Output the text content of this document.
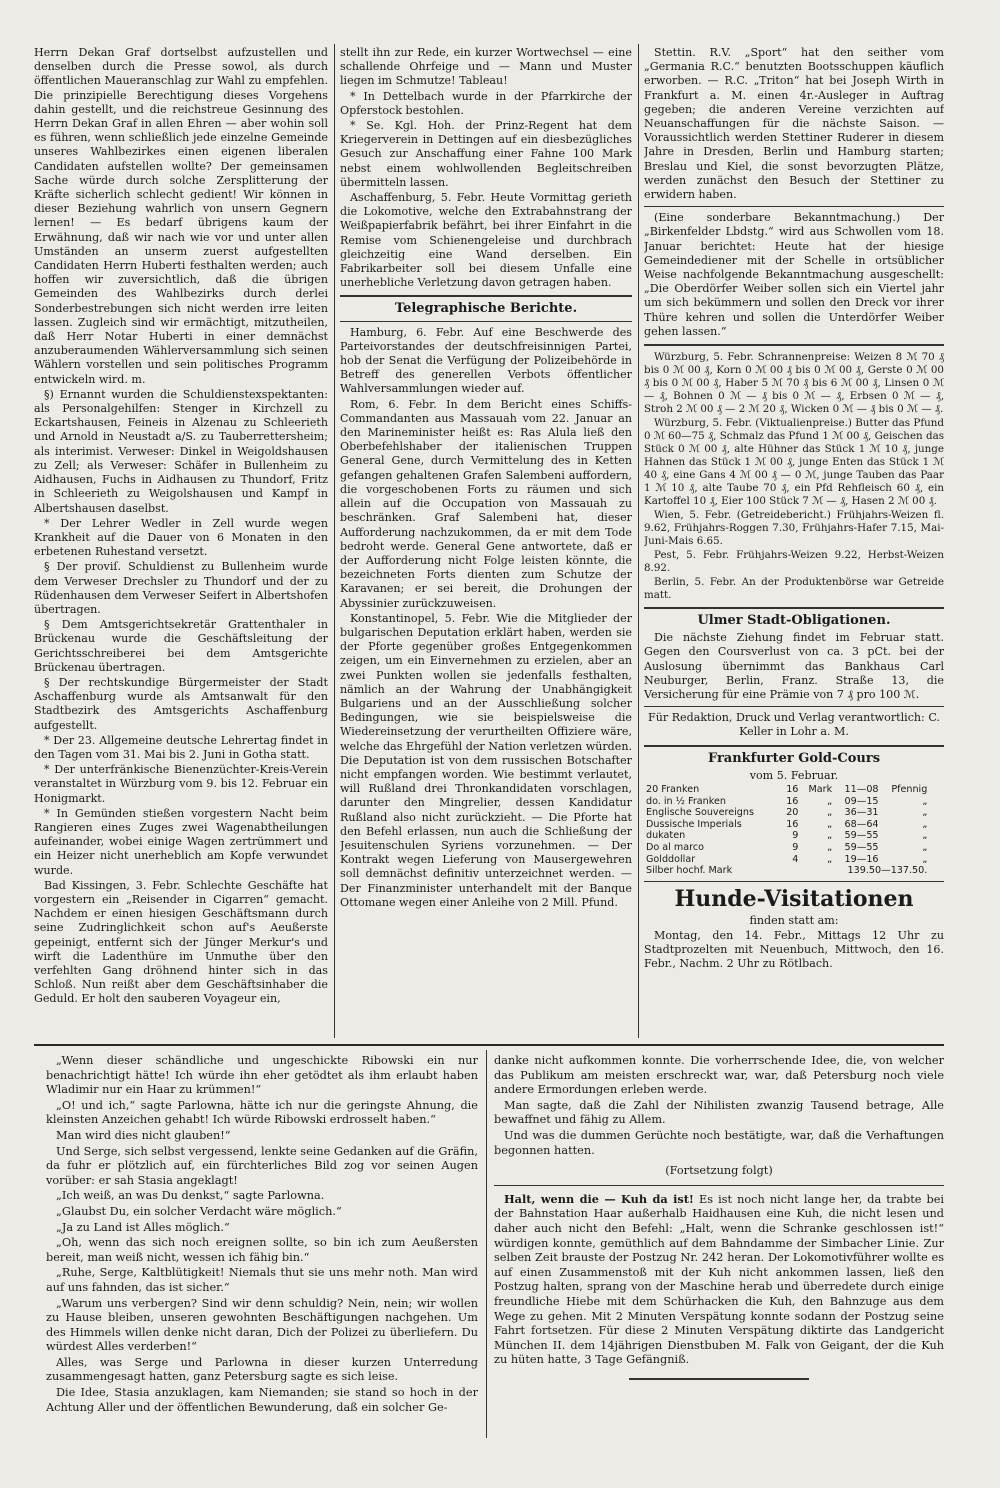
Herrn Dekan Graf dortselbst aufzustellen und denselben durch die Presse sowol, als durch öffentlichen Maueranschlag zur Wahl zu empfehlen. Die prinzipielle Berechtigung dieses Vorgehens dahin gestellt, und die reichstreue Gesinnung des Herrn Dekan Graf in allen Ehren — aber wohin soll es führen, wenn schließlich jede einzelne Gemeinde unseres Wahlbezirkes einen eigenen liberalen Candidaten aufstellen wollte? Der gemeinsamen Sache würde durch solche Zersplitterung der Kräfte sicherlich schlecht gedient! Wir können in dieser Beziehung wahrlich von unsern Gegnern lernen! — Es bedarf übrigens kaum der Erwähnung, daß wir nach wie vor und unter allen Umständen an unserm zuerst aufgestellten Candidaten Herrn Huberti festhalten werden; auch hoffen wir zuversichtlich, daß die übrigen Gemeinden des Wahlbezirks durch derlei Sonderbestrebungen sich nicht werden irre leiten lassen. Zugleich sind wir ermächtigt, mitzutheilen, daß Herr Notar Huberti in einer demnächst anzuberaumenden Wählerversammlung sich seinen Wählern vorstellen und sein politisches Programm entwickeln wird. m.

§) Ernannt wurden die Schuldienstexspektanten: als Personalgehilfen: Stenger in Kirchzell zu Eckartshausen, Feineis in Alzenau zu Schleerieth und Arnold in Neustadt a/S. zu Tauberrettersheim; als interimist. Verweser: Dinkel in Weigoldshausen zu Zell; als Verweser: Schäfer in Bullenheim zu Aidhausen, Fuchs in Aidhausen zu Thundorf, Fritz in Schleerieth zu Weigolshausen und Kampf in Albertshausen daselbst.

* Der Lehrer Wedler in Zell wurde wegen Krankheit auf die Dauer von 6 Monaten in den erbetenen Ruhestand versetzt.

§ Der proviſ. Schuldienst zu Bullenheim wurde dem Verweser Drechsler zu Thundorf und der zu Rüdenhausen dem Verweser Seifert in Albertshofen übertragen.

§ Dem Amtsgerichtsekretär Grattenthaler in Brückenau wurde die Geschäftsleitung der Gerichtsschreiberei bei dem Amtsgerichte Brückenau übertragen.

§ Der rechtskundige Bürgermeister der Stadt Aschaffenburg wurde als Amtsanwalt für den Stadtbezirk des Amtsgerichts Aschaffenburg aufgestellt.

* Der 23. Allgemeine deutsche Lehrertag findet in den Tagen vom 31. Mai bis 2. Juni in Gotha statt.

* Der unterfränkische Bienenzüchter-Kreis-Verein veranstaltet in Würzburg vom 9. bis 12. Februar ein Honigmarkt.

* In Gemünden stießen vorgestern Nacht beim Rangieren eines Zuges zwei Wagenabtheilungen aufeinander, wobei einige Wagen zertrümmert und ein Heizer nicht unerheblich am Kopfe verwundet wurde.

Bad Kissingen, 3. Febr. Schlechte Geschäfte hat vorgestern ein „Reisender in Cigarren“ gemacht. Nachdem er einen hiesigen Geschäftsmann durch seine Zudringlichkeit schon auf's Aeußerste gepeinigt, entfernt sich der Jünger Merkur's und wirft die Ladenthüre im Unmuthe über den verfehlten Gang dröhnend hinter sich in das Schloß. Nun reißt aber dem Geschäftsinhaber die Geduld. Er holt den sauberen Voyageur ein,

stellt ihn zur Rede, ein kurzer Wortwechsel — eine schallende Ohrfeige und — Mann und Muster liegen im Schmutze! Tableau!

* In Dettelbach wurde in der Pfarrkirche der Opferstock bestohlen.

* Se. Kgl. Hoh. der Prinz-Regent hat dem Kriegerverein in Dettingen auf ein diesbezügliches Gesuch zur Anschaffung einer Fahne 100 Mark nebst einem wohlwollenden Begleitschreiben übermitteln lassen.

Aschaffenburg, 5. Febr. Heute Vormittag gerieth die Lokomotive, welche den Extrabahnstrang der Weißpapierfabrik befährt, bei ihrer Einfahrt in die Remise vom Schienengeleise und durchbrach gleichzeitig eine Wand derselben. Ein Fabrikarbeiter soll bei diesem Unfalle eine unerhebliche Verletzung davon getragen haben.

Telegraphische Berichte.

Hamburg, 6. Febr. Auf eine Beschwerde des Parteivorstandes der deutschfreisinnigen Partei, hob der Senat die Verfügung der Polizeibehörde in Betreff des generellen Verbots öffentlicher Wahlversammlungen wieder auf.

Rom, 6. Febr. In dem Bericht eines Schiffs-Commandanten aus Massauah vom 22. Januar an den Marineminister heißt es: Ras Alula ließ den Oberbefehlshaber der italienischen Truppen General Gene, durch Vermittelung des in Ketten gefangen gehaltenen Grafen Salembeni auffordern, die vorgeschobenen Forts zu räumen und sich allein auf die Occupation von Massauah zu beschränken. Graf Salembeni hat, dieser Aufforderung nachzukommen, da er mit dem Tode bedroht werde. General Gene antwortete, daß er der Aufforderung nicht Folge leisten könnte, die bezeichneten Forts dienten zum Schutze der Karavanen; er sei bereit, die Drohungen der Abyssinier zurückzuweisen.

Konstantinopel, 5. Febr. Wie die Mitglieder der bulgarischen Deputation erklärt haben, werden sie der Pforte gegenüber großes Entgegenkommen zeigen, um ein Einvernehmen zu erzielen, aber an zwei Punkten wollen sie jedenfalls festhalten, nämlich an der Wahrung der Unabhängigkeit Bulgariens und an der Ausschließung solcher Bedingungen, wie sie beispielsweise die Wiedereinsetzung der verurtheilten Offiziere wäre, welche das Ehrgefühl der Nation verletzen würden. Die Deputation ist von dem russischen Botschafter nicht empfangen worden. Wie bestimmt verlautet, will Rußland drei Thronkandidaten vorschlagen, darunter den Mingrelier, dessen Kandidatur Rußland also nicht zurückzieht. — Die Pforte hat den Befehl erlassen, nun auch die Schließung der Jesuitenschulen Syriens vorzunehmen. — Der Kontrakt wegen Lieferung von Mausergewehren soll demnächst definitiv unterzeichnet werden. — Der Finanzminister unterhandelt mit der Banque Ottomane wegen einer Anleihe von 2 Mill. Pfund.

Stettin. R.V. „Sport“ hat den seither vom „Germania R.C.“ benutzten Bootsschuppen käuflich erworben. — R.C. „Triton“ hat bei Joseph Wirth in Frankfurt a. M. einen 4r.-Ausleger in Auftrag gegeben; die anderen Vereine verzichten auf Neuanschaffungen für die nächste Saison. — Voraussichtlich werden Stettiner Ruderer in diesem Jahre in Dresden, Berlin und Hamburg starten; Breslau und Kiel, die sonst bevorzugten Plätze, werden zunächst den Besuch der Stettiner zu erwidern haben.

(Eine sonderbare Bekanntmachung.) Der „Birkenfelder Lbdstg.“ wird aus Schwollen vom 18. Januar berichtet: Heute hat der hiesige Gemeindediener mit der Schelle in ortsüblicher Weise nachfolgende Bekanntmachung ausgeschellt: „Die Oberdörfer Weiber sollen sich ein Viertel jahr um sich bekümmern und sollen den Dreck vor ihrer Thüre kehren und sollen die Unterdörfer Weiber gehen lassen.“

Würzburg, 5. Febr. Schrannenpreise: Weizen 8 ℳ 70 ₰ bis 0 ℳ 00 ₰, Korn 0 ℳ 00 ₰ bis 0 ℳ 00 ₰, Gerste 0 ℳ 00 ₰ bis 0 ℳ 00 ₰, Haber 5 ℳ 70 ₰ bis 6 ℳ 00 ₰, Linsen 0 ℳ — ₰, Bohnen 0 ℳ — ₰ bis 0 ℳ — ₰, Erbsen 0 ℳ — ₰, Stroh 2 ℳ 00 ₰ — 2 ℳ 20 ₰, Wicken 0 ℳ — ₰ bis 0 ℳ — ₰.

Würzburg, 5. Febr. (Viktualienpreise.) Butter das Pfund 0 ℳ 60—75 ₰, Schmalz das Pfund 1 ℳ 00 ₰, Geischen das Stück 0 ℳ 00 ₰, alte Hühner das Stück 1 ℳ 10 ₰, junge Hahnen das Stück 1 ℳ 00 ₰, junge Enten das Stück 1 ℳ 40 ₰, eine Gans 4 ℳ 00 ₰ — 0 ℳ, junge Tauben das Paar 1 ℳ 10 ₰, alte Taube 70 ₰, ein Pfd Rehfleisch 60 ₰, ein Kartoffel 10 ₰, Eier 100 Stück 7 ℳ — ₰, Hasen 2 ℳ 00 ₰.

Wien, 5. Febr. (Getreidebericht.) Frühjahrs-Weizen fl. 9.62, Frühjahrs-Roggen 7.30, Frühjahrs-Hafer 7.15, Mai-Juni-Mais 6.65.

Pest, 5. Febr. Frühjahrs-Weizen 9.22, Herbst-Weizen 8.92.

Berlin, 5. Febr. An der Produktenbörse war Getreide matt.

Ulmer Stadt-Obligationen.

Die nächste Ziehung findet im Februar statt. Gegen den Coursverlust von ca. 3 pCt. bei der Auslosung übernimmt das Bankhaus Carl Neuburger, Berlin, Franz. Straße 13, die Versicherung für eine Prämie von 7 ₰ pro 100 ℳ.

Für Redaktion, Druck und Verlag verantwortlich: C. Keller in Lohr a. M.

Frankfurter Gold-Cours

vom 5. Februar.

20 Franken	16	Mark	11—08	Pfennig			
do. in ½ Franken	16	„	09—15	„			
Englische Souvereigns	20	„	36—31	„			
Dussische Imperials	16	„	68—64	„			
dukaten	9	„	59—55	„			
Do al marco	9	„	59—55	„			
Golddollar	4	„	19—16	„			
Silber hochf. Mark	139.50—137.50.						
Hunde-Visitationen

finden statt am:

Montag, den 14. Febr., Mittags 12 Uhr zu Stadtprozelten mit Neuenbuch, Mittwoch, den 16. Febr., Nachm. 2 Uhr zu Rötlbach.

„Wenn dieser schändliche und ungeschickte Ribowski ein nur benachrichtigt hätte! Ich würde ihn eher getödtet als ihm erlaubt haben Wladimir nur ein Haar zu krümmen!“

„O! und ich,“ sagte Parlowna, hätte ich nur die geringste Ahnung, die kleinsten Anzeichen gehabt! Ich würde Ribowski erdrosselt haben.“

Man wird dies nicht glauben!“

Und Serge, sich selbst vergessend, lenkte seine Gedanken auf die Gräfin, da fuhr er plötzlich auf, ein fürchterliches Bild zog vor seinen Augen vorüber: er sah Stasia angeklagt!

„Ich weiß, an was Du denkst,“ sagte Parlowna.

„Glaubst Du, ein solcher Verdacht wäre möglich.“

„Ja zu Land ist Alles möglich.“

„Oh, wenn das sich noch ereignen sollte, so bin ich zum Aeußersten bereit, man weiß nicht, wessen ich fähig bin.“

„Ruhe, Serge, Kaltblütigkeit! Niemals thut sie uns mehr noth. Man wird auf uns fahnden, das ist sicher.“

„Warum uns verbergen? Sind wir denn schuldig? Nein, nein; wir wollen zu Hause bleiben, unseren gewohnten Beschäftigungen nachgehen. Um des Himmels willen denke nicht daran, Dich der Polizei zu überliefern. Du würdest Alles verderben!“

Alles, was Serge und Parlowna in dieser kurzen Unterredung zusammengesagt hatten, ganz Petersburg sagte es sich leise.

Die Idee, Stasia anzuklagen, kam Niemanden; sie stand so hoch in der Achtung Aller und der öffentlichen Bewunderung, daß ein solcher Ge-

danke nicht aufkommen konnte. Die vorherrschende Idee, die, von welcher das Publikum am meisten erschreckt war, war, daß Petersburg noch viele andere Ermordungen erleben werde.

Man sagte, daß die Zahl der Nihilisten zwanzig Tausend betrage, Alle bewaffnet und fähig zu Allem.

Und was die dummen Gerüchte noch bestätigte, war, daß die Verhaftungen begonnen hatten.

(Fortsetzung folgt)

Halt, wenn die — Kuh da ist! Es ist noch nicht lange her, da trabte bei der Bahnstation Haar außerhalb Haidhausen eine Kuh, die nicht lesen und daher auch nicht den Befehl: „Halt, wenn die Schranke geschlossen ist!“ würdigen konnte, gemüthlich auf dem Bahndamme der Simbacher Linie. Zur selben Zeit brauste der Postzug Nr. 242 heran. Der Lokomotivführer wollte es auf einen Zusammenstoß mit der Kuh nicht ankommen lassen, ließ den Postzug halten, sprang von der Maschine herab und überredete durch einige freundliche Hiebe mit dem Schürhacken die Kuh, den Bahnzuge aus dem Wege zu gehen. Mit 2 Minuten Verspätung konnte sodann der Postzug seine Fahrt fortsetzen. Für diese 2 Minuten Verspätung diktirte das Landgericht München II. dem 14jährigen Dienstbuben M. Falk von Geigant, der die Kuh zu hüten hatte, 3 Tage Gefängniß.
